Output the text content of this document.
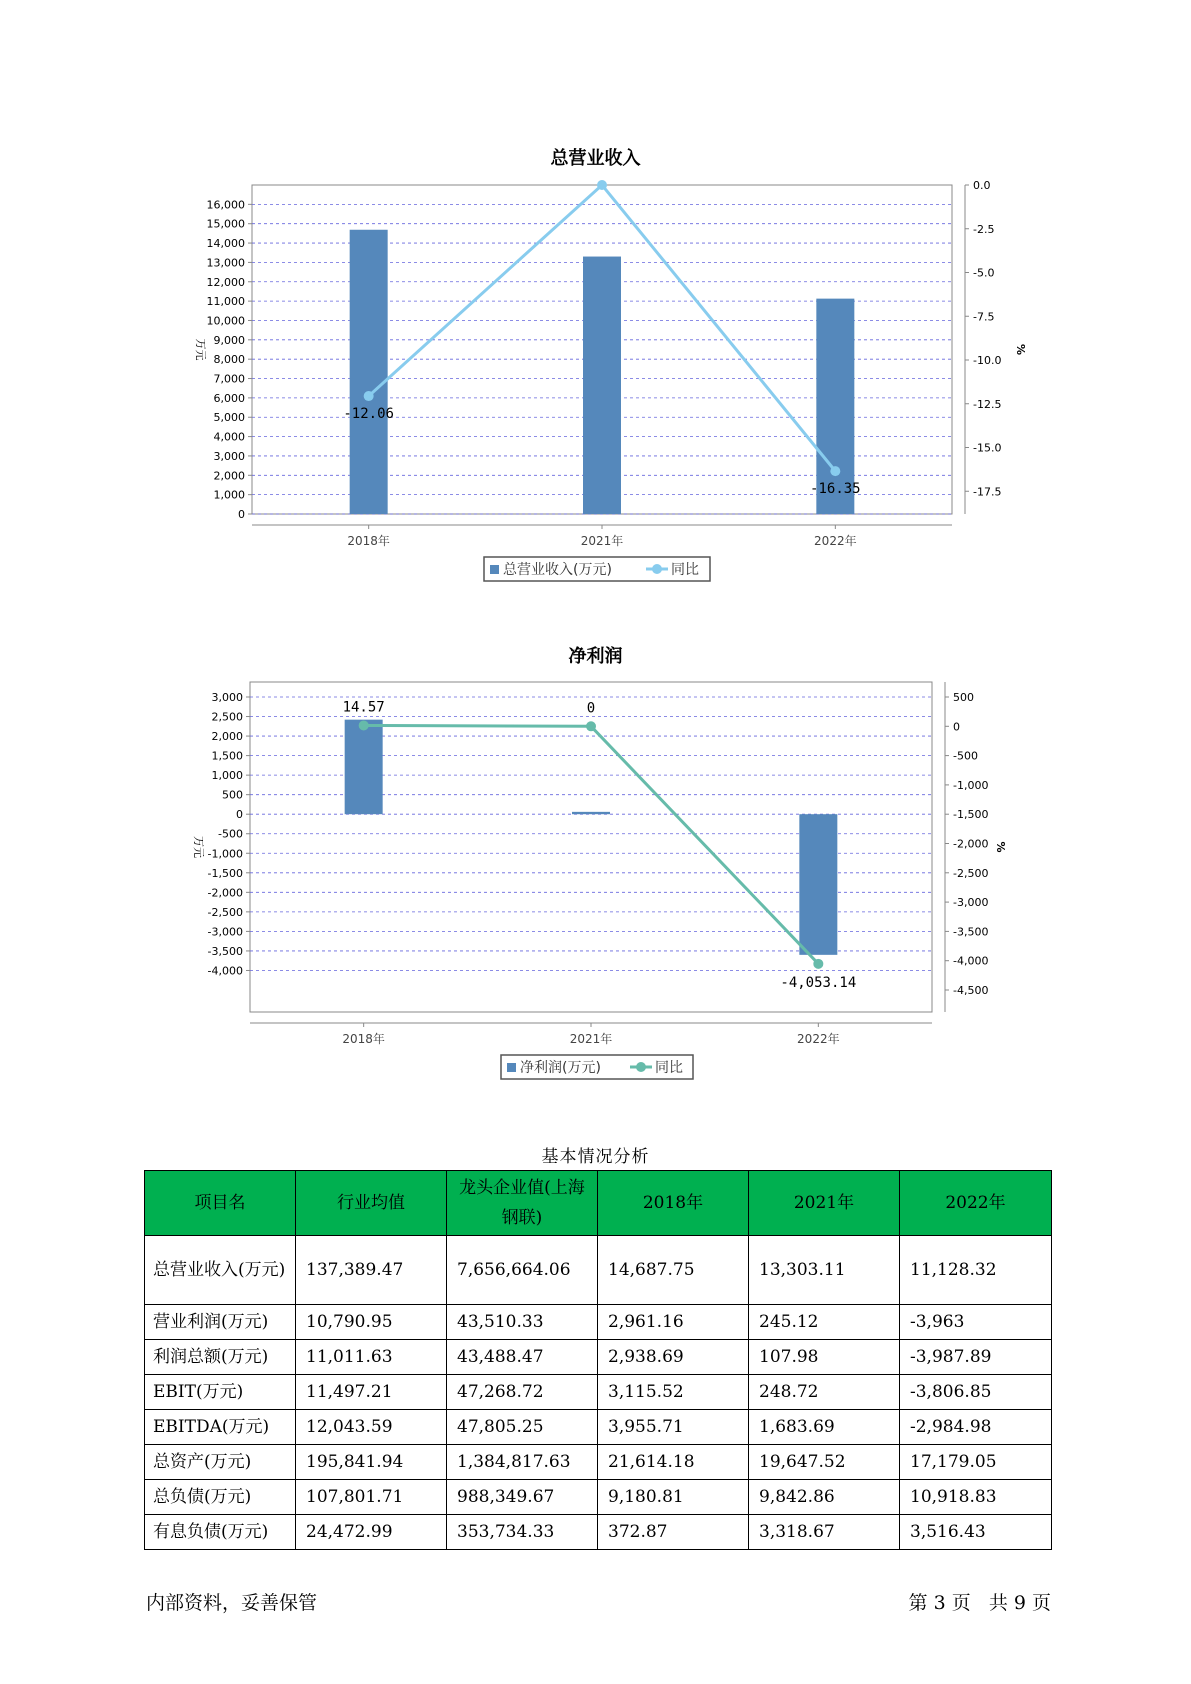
总营业收入
0
1,000
2,000
3,000
4,000
5,000
6,000
7,000
8,000
9,000
10,000
11,000
12,000
13,000
14,000
15,000
16,000
0.0
-2.5
-5.0
-7.5
-10.0
-12.5
-15.0
-17.5
万元	%
2018年	2021年	2022年
-12.06
-16.35
总营业收入(万元)	同比
净利润
3,000
2,500
2,000
1,500
1,000
500
0
-500
-1,000
-1,500
-2,000
-2,500
-3,000
-3,500
-4,000
500
0
-500
-1,000
-1,500
-2,000
-2,500
-3,000
-3,500
-4,000
-4,500
万元	%
2018年	2021年	2022年
14.57	0
-4,053.14
净利润(万元)	同比
基本情况分析
项目名	行业均值	龙头企业值(上海钢联)	2018年	2021年	2022年
总营业收入(万元)	137,389.47	7,656,664.06	14,687.75	13,303.11	11,128.32
营业利润(万元)	10,790.95	43,510.33	2,961.16	245.12	-3,963
利润总额(万元)	11,011.63	43,488.47	2,938.69	107.98	-3,987.89
EBIT(万元)	11,497.21	47,268.72	3,115.52	248.72	-3,806.85
EBITDA(万元)	12,043.59	47,805.25	3,955.71	1,683.69	-2,984.98
总资产(万元)	195,841.94	1,384,817.63	21,614.18	19,647.52	17,179.05
总负债(万元)	107,801.71	988,349.67	9,180.81	9,842.86	10,918.83
有息负债(万元)	24,472.99	353,734.33	372.87	3,318.67	3,516.43
内部资料，妥善保管	第 3 页   共 9 页
